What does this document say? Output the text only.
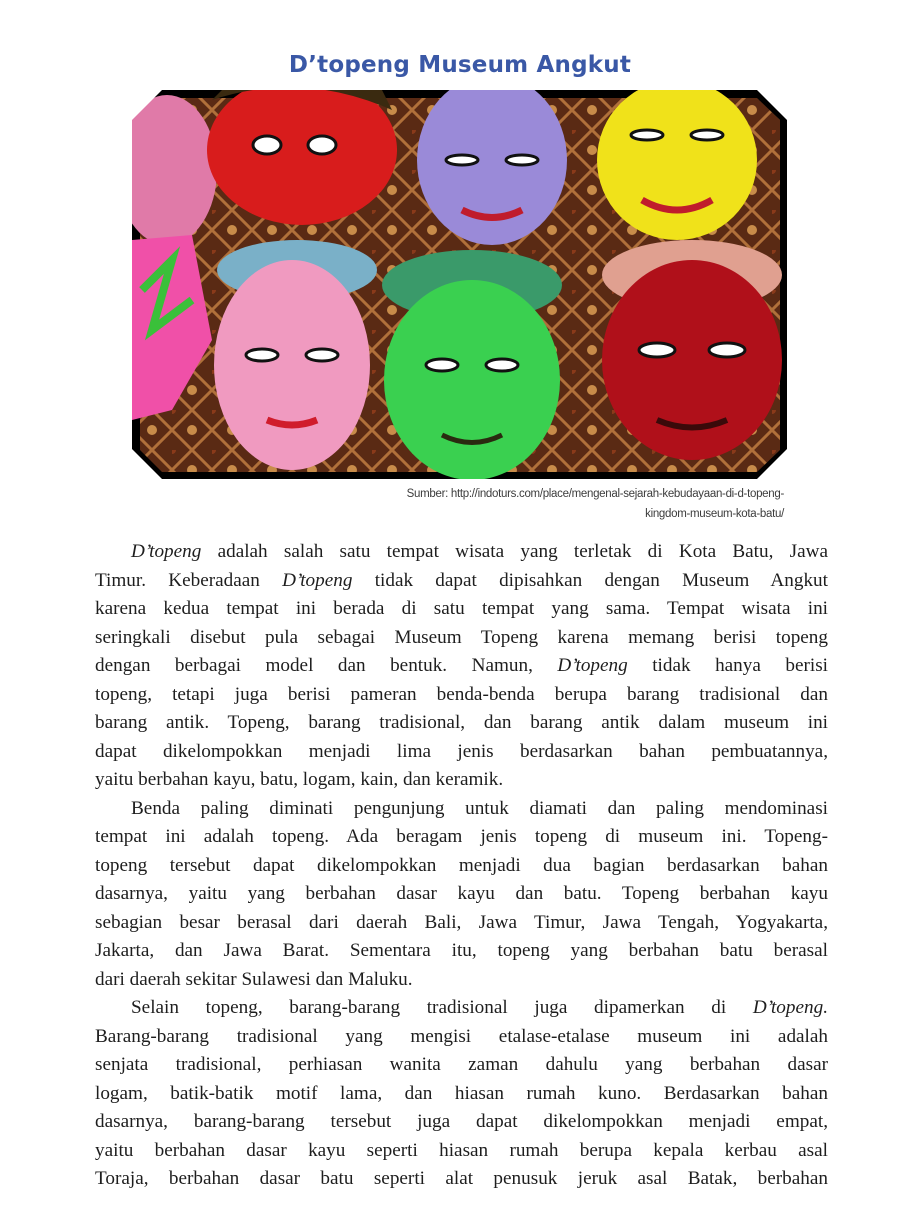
D’topeng Museum Angkut
Sumber: http://indoturs.com/place/mengenal-sejarah-kebudayaan-di-d-topeng-
kingdom-museum-kota-batu/
D’topeng adalah salah satu tempat wisata yang terletak di Kota Batu, Jawa
Timur. Keberadaan D’topeng tidak dapat dipisahkan dengan Museum Angkut
karena kedua tempat ini berada di satu tempat yang sama. Tempat wisata ini
seringkali disebut pula sebagai Museum Topeng karena memang berisi topeng
dengan berbagai model dan bentuk. Namun, D’topeng tidak hanya berisi
topeng, tetapi juga berisi pameran benda-benda berupa barang tradisional dan
barang antik. Topeng, barang tradisional, dan barang antik dalam museum ini
dapat dikelompokkan menjadi lima jenis berdasarkan bahan pembuatannya,
yaitu berbahan kayu, batu, logam, kain, dan keramik.
Benda paling diminati pengunjung untuk diamati dan paling mendominasi
tempat ini adalah topeng. Ada beragam jenis topeng di museum ini. Topeng-
topeng tersebut dapat dikelompokkan menjadi dua bagian berdasarkan bahan
dasarnya, yaitu yang berbahan dasar kayu dan batu. Topeng berbahan kayu
sebagian besar berasal dari daerah Bali, Jawa Timur, Jawa Tengah, Yogyakarta,
Jakarta, dan Jawa Barat. Sementara itu, topeng yang berbahan batu berasal
dari daerah sekitar Sulawesi dan Maluku.
Selain topeng, barang-barang tradisional juga dipamerkan di D’topeng.
Barang-barang tradisional yang mengisi etalase-etalase museum ini adalah
senjata tradisional, perhiasan wanita zaman dahulu yang berbahan dasar
logam, batik-batik motif lama, dan hiasan rumah kuno. Berdasarkan bahan
dasarnya, barang-barang tersebut juga dapat dikelompokkan menjadi empat,
yaitu berbahan dasar kayu seperti hiasan rumah berupa kepala kerbau asal
Toraja, berbahan dasar batu seperti alat penusuk jeruk asal Batak, berbahan
